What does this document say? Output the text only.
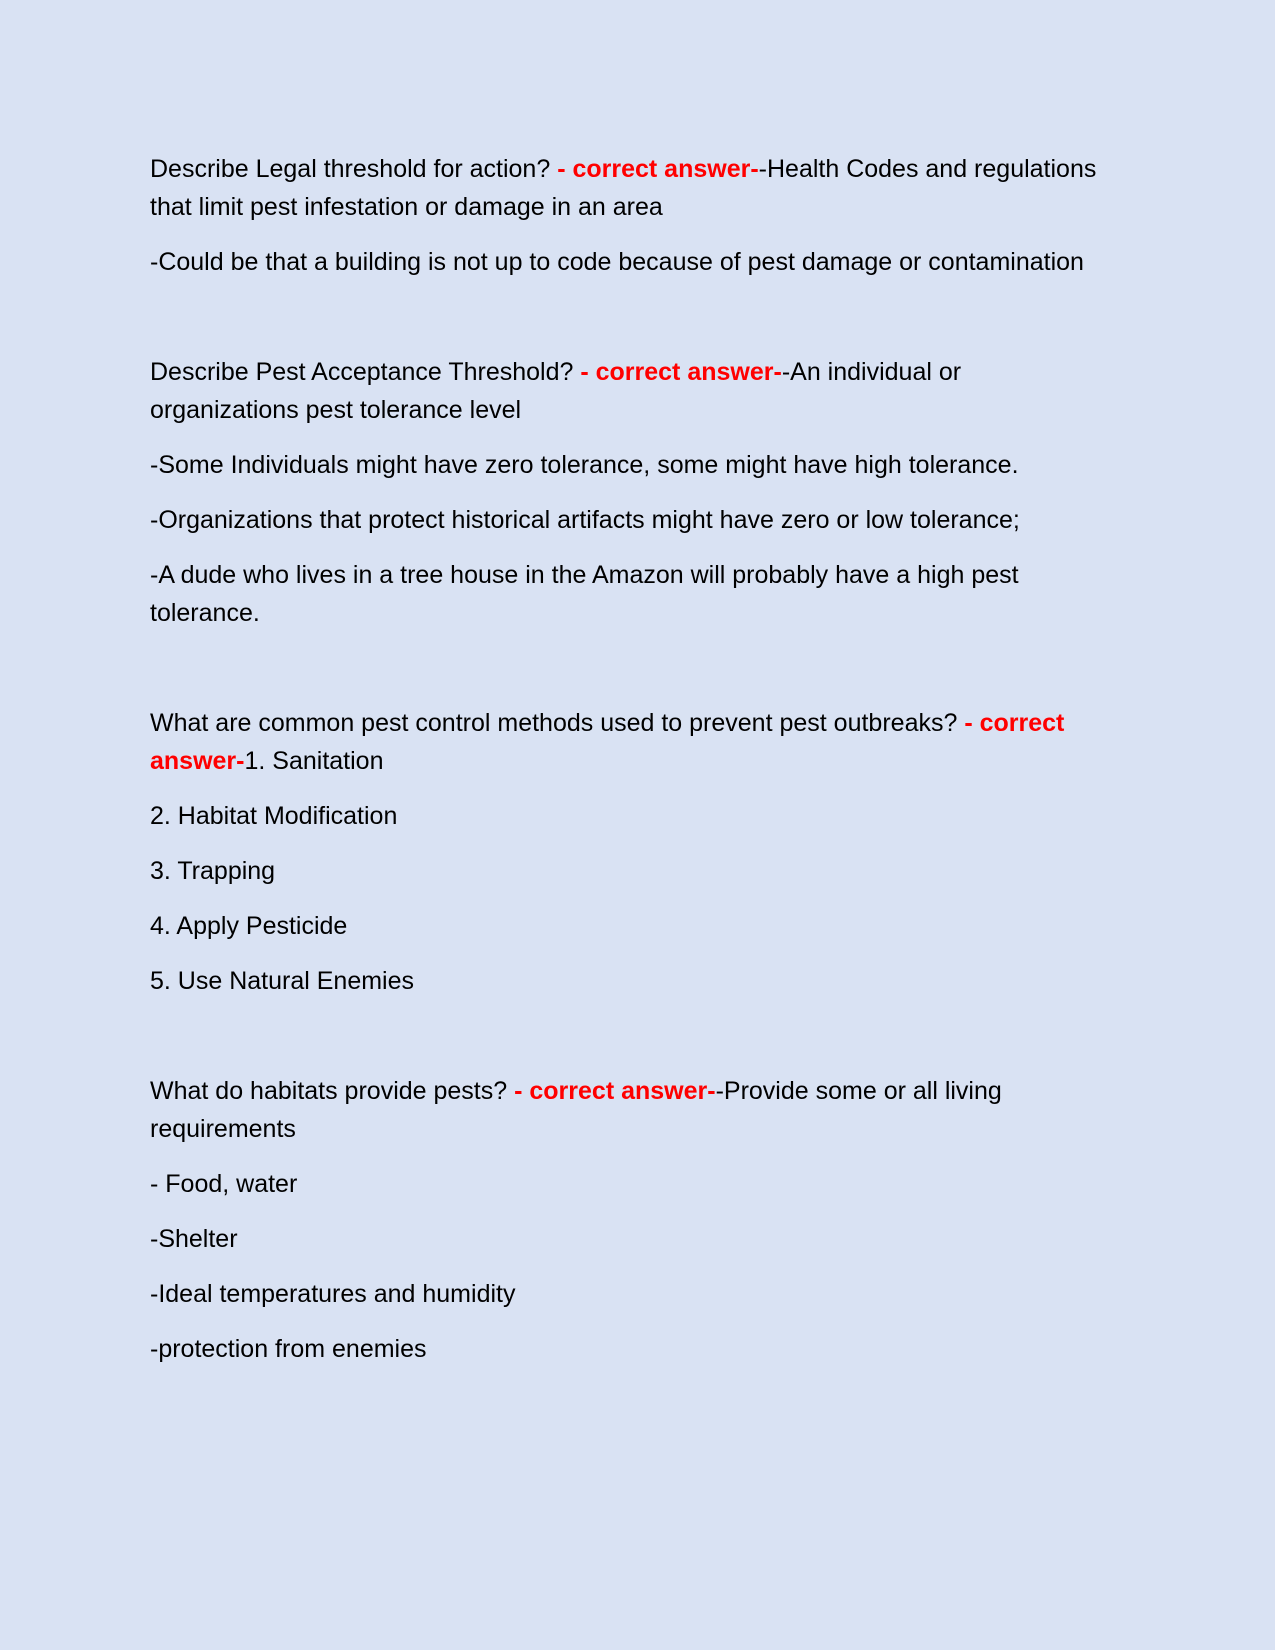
Describe Legal threshold for action? - correct answer--Health Codes and regulations that limit pest infestation or damage in an area

-Could be that a building is not up to code because of pest damage or contamination

Describe Pest Acceptance Threshold? - correct answer--An individual or organizations pest tolerance level

-Some Individuals might have zero tolerance, some might have high tolerance.

-Organizations that protect historical artifacts might have zero or low tolerance;

-A dude who lives in a tree house in the Amazon will probably have a high pest tolerance.

What are common pest control methods used to prevent pest outbreaks? - correct answer-1. Sanitation

2. Habitat Modification

3. Trapping

4. Apply Pesticide

5. Use Natural Enemies

What do habitats provide pests? - correct answer--Provide some or all living requirements

- Food, water

-Shelter

-Ideal temperatures and humidity

-protection from enemies
